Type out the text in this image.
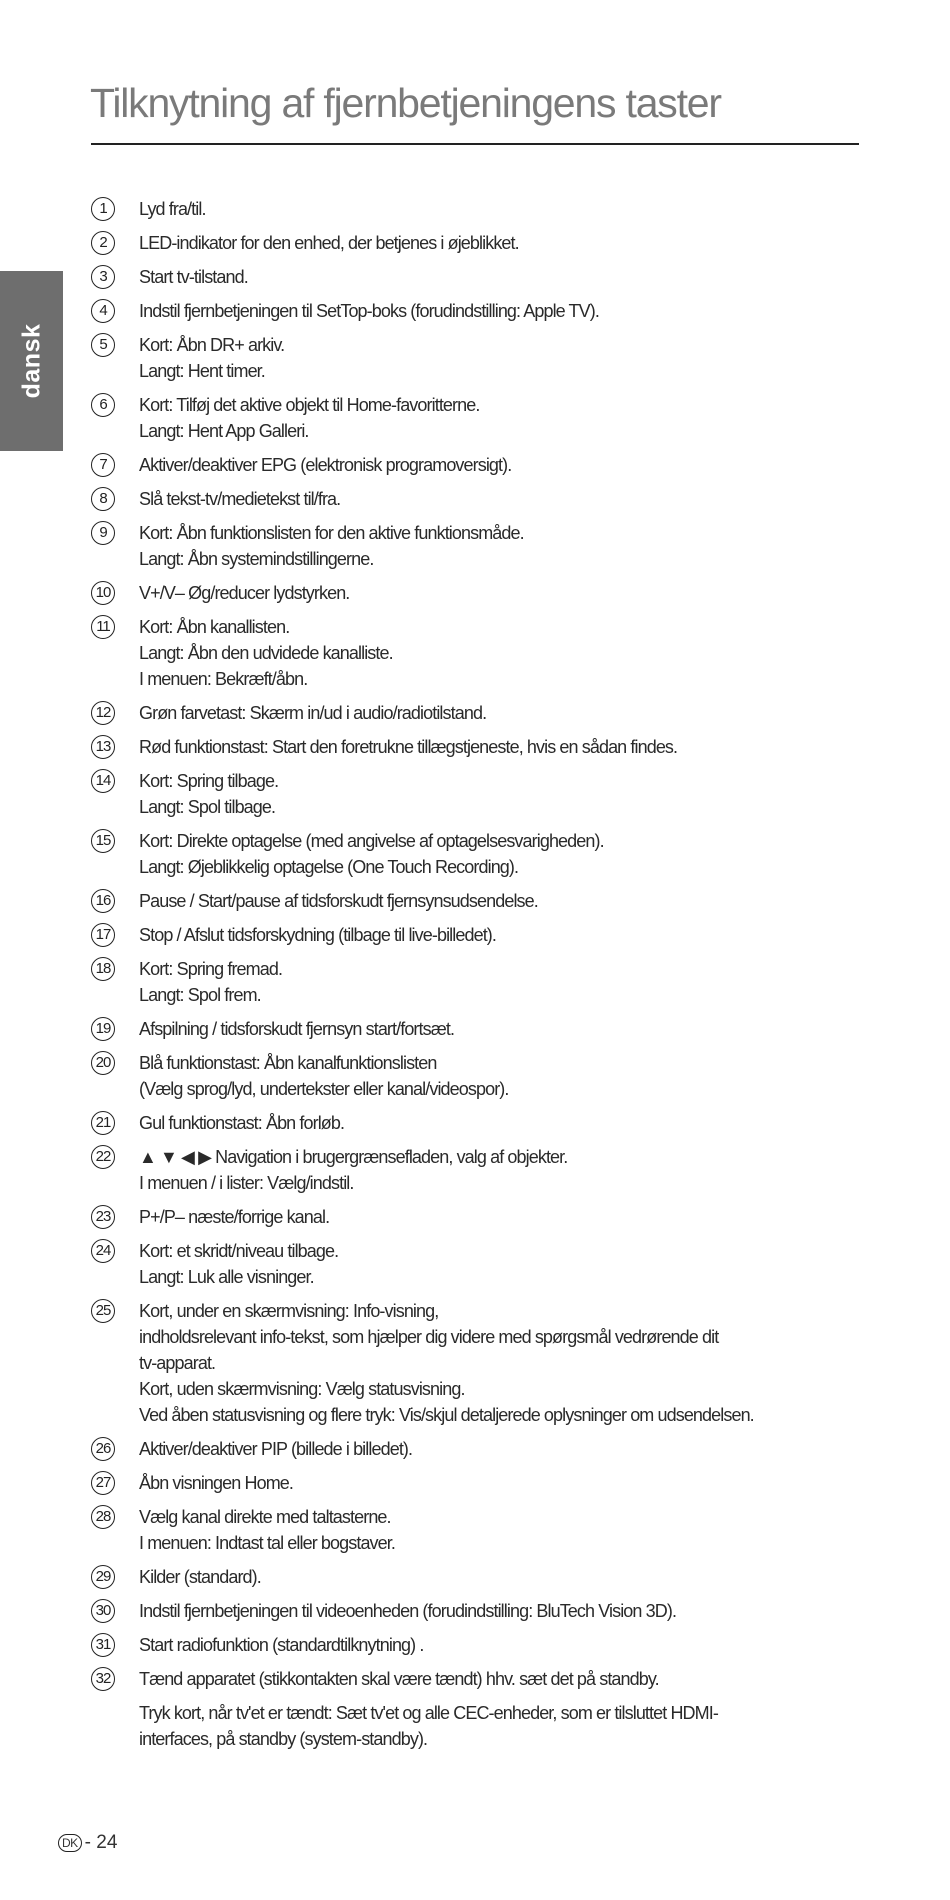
Tilknytning af fjernbetjeningens taster
dansk
1	Lyd fra/til.
2	LED-indikator for den enhed, der betjenes i øjeblikket.
3	Start tv-tilstand.
4	Indstil fjernbetjeningen til SetTop-boks (forudindstilling: Apple TV).
5	Kort: Åbn DR+ arkiv.
Langt: Hent timer.
6	Kort: Tilføj det aktive objekt til Home-favoritterne.
Langt: Hent App Galleri.
7	Aktiver/deaktiver EPG (elektronisk programoversigt).
8	Slå tekst-tv/medietekst til/fra.
9	Kort: Åbn funktionslisten for den aktive funktionsmåde.
Langt: Åbn systemindstillingerne.
10 V+/V– Øg/reducer lydstyrken.
11 Kort: Åbn kanallisten.
Langt: Åbn den udvidede kanalliste.
I menuen: Bekræft/åbn.
12 Grøn farvetast: Skærm in/ud i audio/radiotilstand.
13 Rød funktionstast: Start den foretrukne tillægstjeneste, hvis en sådan findes.
14 Kort: Spring tilbage.
Langt: Spol tilbage.
15 Kort: Direkte optagelse (med angivelse af optagelsesvarigheden).
Langt: Øjeblikkelig optagelse (One Touch Recording).
16 Pause / Start/pause af tidsforskudt fjernsynsudsendelse.
17 Stop / Afslut tidsforskydning (tilbage til live-billedet).
18 Kort: Spring fremad.
Langt: Spol frem.
19 Afspilning / tidsforskudt fjernsyn start/fortsæt.
20 Blå funktionstast: Åbn kanalfunktionslisten
(Vælg sprog/lyd, undertekster eller kanal/videospor).
21 Gul funktionstast: Åbn forløb.
22 ▲ ▼ ◀ ▶ Navigation i brugergrænsefladen, valg af objekter.
I menuen / i lister: Vælg/indstil.
23 P+/P– næste/forrige kanal.
24 Kort: et skridt/niveau tilbage.
Langt: Luk alle visninger.
25 Kort, under en skærmvisning: Info-visning,
indholdsrelevant info-tekst, som hjælper dig videre med spørgsmål vedrørende dit
tv-apparat.
Kort, uden skærmvisning: Vælg statusvisning.
Ved åben statusvisning og flere tryk: Vis/skjul detaljerede oplysninger om udsendelsen.
26 Aktiver/deaktiver PIP (billede i billedet).
27 Åbn visningen Home.
28 Vælg kanal direkte med taltasterne.
I menuen: Indtast tal eller bogstaver.
29 Kilder (standard).
30 Indstil fjernbetjeningen til videoenheden (forudindstilling: BluTech Vision 3D).
31 Start radiofunktion (standardtilknytning) .
32 Tænd apparatet (stikkontakten skal være tændt) hhv. sæt det på standby.
Tryk kort, når tv'et er tændt: Sæt tv'et og alle CEC-enheder, som er tilsluttet HDMI-
interfaces, på standby (system-standby).
DK - 24
